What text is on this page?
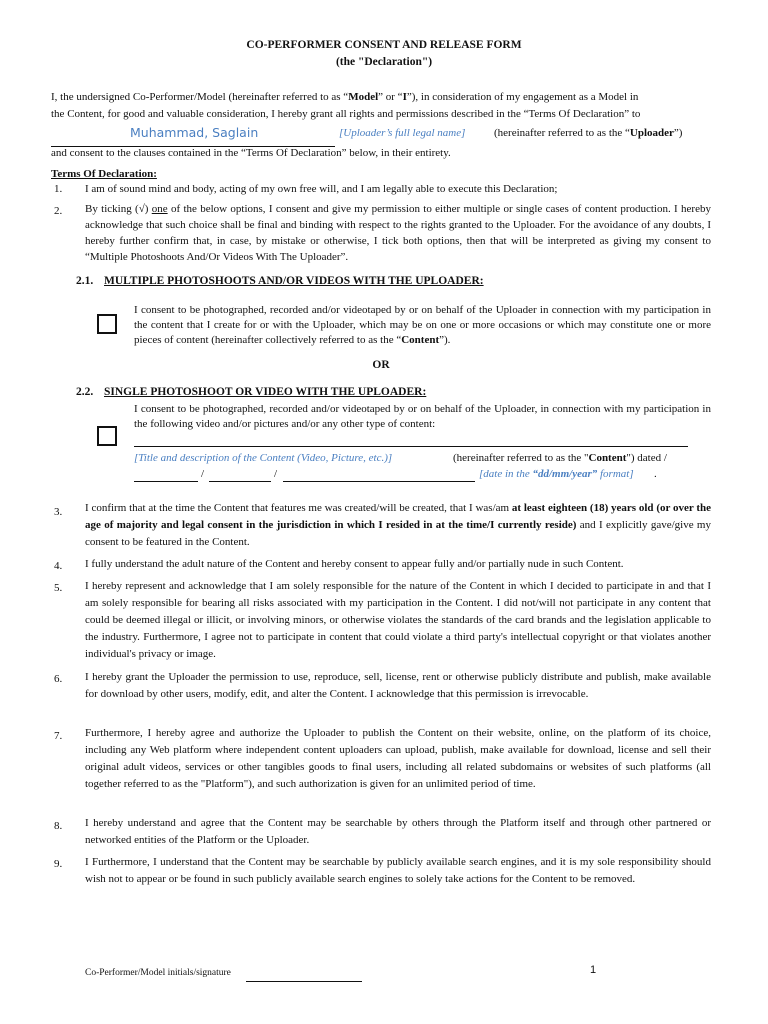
CO-PERFORMER CONSENT AND RELEASE FORM
(the "Declaration")
I, the undersigned Co-Performer/Model (hereinafter referred to as “Model” or “I”), in consideration of my engagement as a Model in
the Content, for good and valuable consideration, I hereby grant all rights and permissions described in the “Terms Of Declaration” to
Muhammad, Saglain	[Uploader’s full legal name]	(hereinafter referred to as the “Uploader”)
and consent to the clauses contained in the “Terms Of Declaration” below, in their entirety.
Terms Of Declaration:
1. I am of sound mind and body, acting of my own free will, and I am legally able to execute this Declaration;
2. By ticking (√) one of the below options, I consent and give my permission to either multiple or single cases of content production. I hereby acknowledge that such choice shall be final and binding with respect to the rights granted to the Uploader. For the avoidance of any doubts, I hereby further confirm that, in case, by mistake or otherwise, I tick both options, then that will be interpreted as giving my consent to “Multiple Photoshoots And/Or Videos With The Uploader”.
2.1. MULTIPLE PHOTOSHOOTS AND/OR VIDEOS WITH THE UPLOADER:
I consent to be photographed, recorded and/or videotaped by or on behalf of the Uploader in connection with my participation in the content that I create for or with the Uploader, which may be on one or more occasions or which may constitute one or more pieces of content (hereinafter collectively referred to as the “Content”).
OR
2.2. SINGLE PHOTOSHOOT OR VIDEO WITH THE UPLOADER:
I consent to be photographed, recorded and/or videotaped by or on behalf of the Uploader, in connection with my participation in the following video and/or pictures and/or any other type of content:
[Title and description of the Content (Video, Picture, etc.)]	(hereinafter referred to as the "Content") dated /
/	/	[date in the “dd/mm/year” format] .
3. I confirm that at the time the Content that features me was created/will be created, that I was/am at least eighteen (18) years old (or over the age of majority and legal consent in the jurisdiction in which I resided in at the time/I currently reside) and I explicitly gave/give my consent to be featured in the Content.
4. I fully understand the adult nature of the Content and hereby consent to appear fully and/or partially nude in such Content.
5. I hereby represent and acknowledge that I am solely responsible for the nature of the Content in which I decided to participate in and that I am solely responsible for bearing all risks associated with my participation in the Content. I did not/will not participate in any content that could be deemed illegal or illicit, or involving minors, or otherwise violates the standards of the card brands and the legislation applicable to the industry. Furthermore, I agree not to participate in content that could violate a third party's intellectual copyright or that violates another individual's privacy or image.
6. I hereby grant the Uploader the permission to use, reproduce, sell, license, rent or otherwise publicly distribute and publish, make available for download by other users, modify, edit, and alter the Content. I acknowledge that this permission is irrevocable.
7. Furthermore, I hereby agree and authorize the Uploader to publish the Content on their website, online, on the platform of its choice, including any Web platform where independent content uploaders can upload, publish, make available for download, license and sell their original adult videos, services or other tangibles goods to final users, including all related subdomains or websites of such platforms (all together referred to as the "Platform"), and such authorization is given for an unlimited period of time.
8. I hereby understand and agree that the Content may be searchable by others through the Platform itself and through other partnered or networked entities of the Platform or the Uploader.
9. I Furthermore, I understand that the Content may be searchable by publicly available search engines, and it is my sole responsibility should wish not to appear or be found in such publicly available search engines to solely take actions for the Content to be removed.
Co-Performer/Model initials/signature	1
